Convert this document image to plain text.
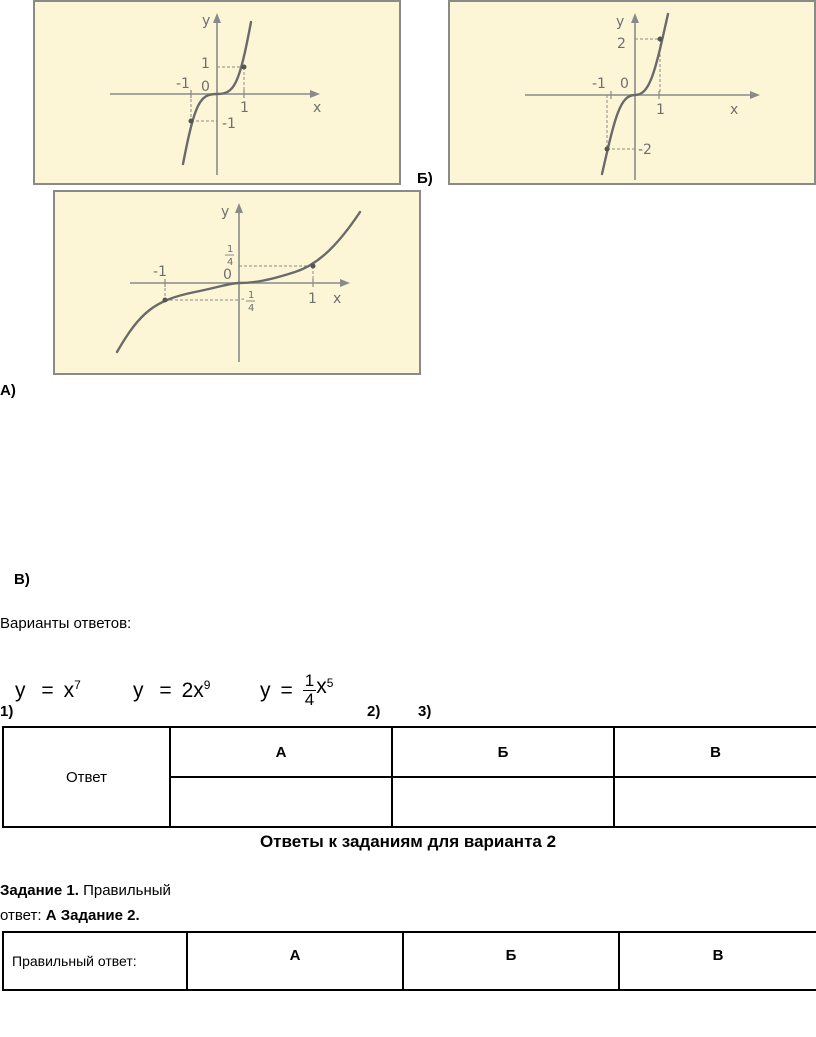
y
x
-1 0
1
2
-2
y
x
-1 0
1
1
-1
Б)
y
x
-1	0
1
1
4
- 1
4
А)
В)
Варианты ответов:
$y = x^7$ $y = 2x^9$ $y = \frac{1}{4} x^5$
1)	2)	3)
Ответ	А	Б	В

Ответы к заданиям для варианта 2
Задание 1. Правильный
ответ: А Задание 2.
Правильный ответ:	А	Б	В
